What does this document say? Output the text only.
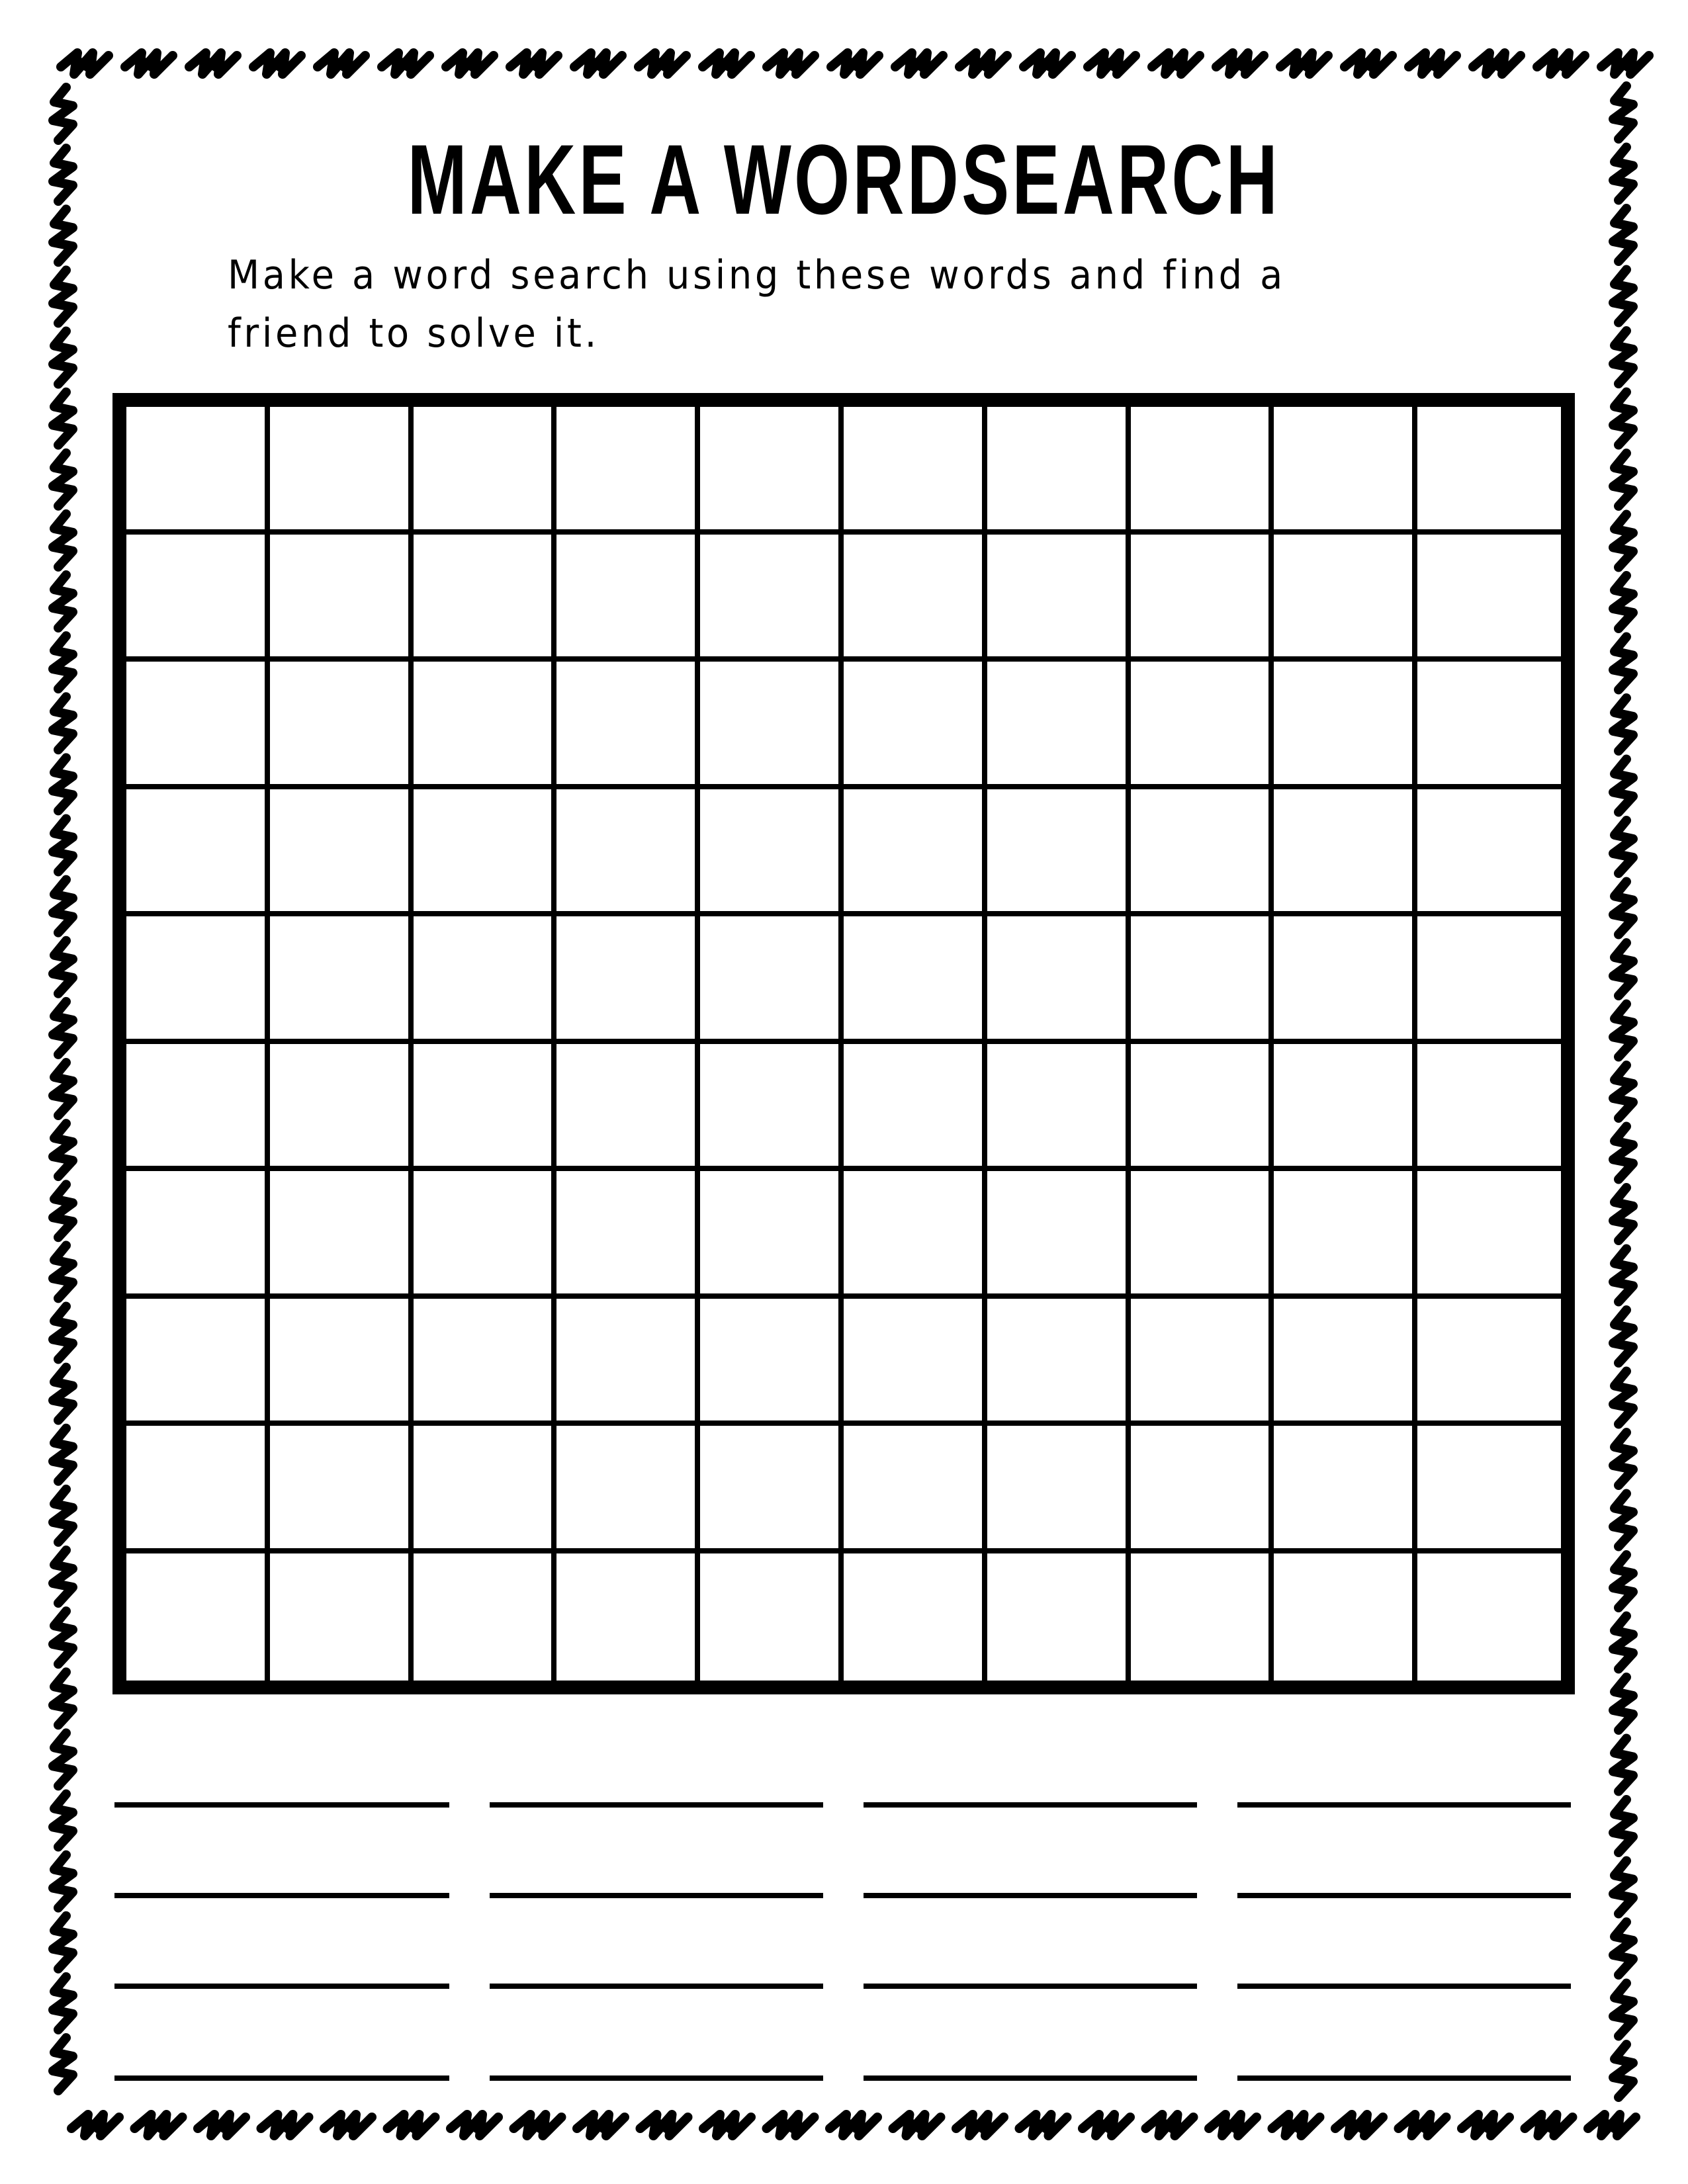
MAKE A WORDSEARCH
Make a word search using these words and find a friend to solve it.
